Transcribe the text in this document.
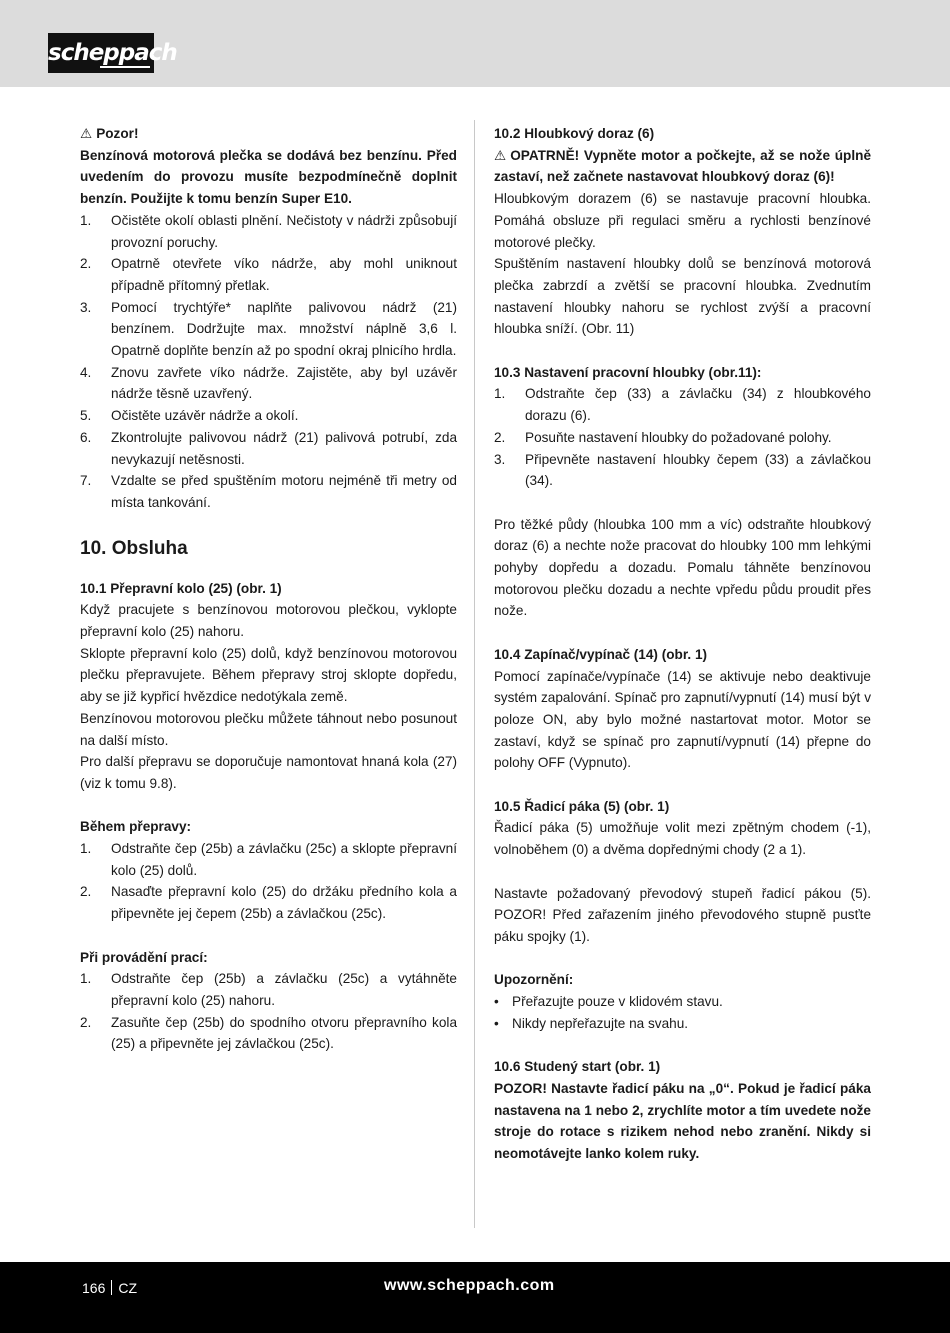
scheppach

⚠ Pozor!

Benzínová motorová plečka se dodává bez benzínu. Před uvedením do provozu musíte bezpodmínečně doplnit benzín. Použijte k tomu benzín Super E10.

1. Očistěte okolí oblasti plnění. Nečistoty v nádrži způsobují provozní poruchy.
2. Opatrně otevřete víko nádrže, aby mohl uniknout případně přítomný přetlak.
3. Pomocí trychtýře* naplňte palivovou nádrž (21) benzínem. Dodržujte max. množství náplně 3,6 l. Opatrně doplňte benzín až po spodní okraj plnicího hrdla.
4. Znovu zavřete víko nádrže. Zajistěte, aby byl uzávěr nádrže těsně uzavřený.
5. Očistěte uzávěr nádrže a okolí.
6. Zkontrolujte palivovou nádrž (21) palivová potrubí, zda nevykazují netěsnosti.
7. Vzdalte se před spuštěním motoru nejméně tři metry od místa tankování.

10. Obsluha

10.1 Přepravní kolo (25) (obr. 1)

Když pracujete s benzínovou motorovou plečkou, vyklopte přepravní kolo (25) nahoru.

Sklopte přepravní kolo (25) dolů, když benzínovou motorovou plečku přepravujete. Během přepravy stroj sklopte dopředu, aby se již kypřicí hvězdice nedotýkala země.

Benzínovou motorovou plečku můžete táhnout nebo posunout na další místo.

Pro další přepravu se doporučuje namontovat hnaná kola (27) (viz k tomu 9.8).

Během přepravy:

1. Odstraňte čep (25b) a závlačku (25c) a sklopte přepravní kolo (25) dolů.
2. Nasaďte přepravní kolo (25) do držáku předního kola a připevněte jej čepem (25b) a závlačkou (25c).

Při provádění prací:

1. Odstraňte čep (25b) a závlačku (25c) a vytáhněte přepravní kolo (25) nahoru.
2. Zasuňte čep (25b) do spodního otvoru přepravního kola (25) a připevněte jej závlačkou (25c).

10.2 Hloubkový doraz (6)

⚠ OPATRNĚ! Vypněte motor a počkejte, až se nože úplně zastaví, než začnete nastavovat hloubkový doraz (6)!

Hloubkovým dorazem (6) se nastavuje pracovní hloubka. Pomáhá obsluze při regulaci směru a rychlosti benzínové motorové plečky.

Spuštěním nastavení hloubky dolů se benzínová motorová plečka zabrzdí a zvětší se pracovní hloubka. Zvednutím nastavení hloubky nahoru se rychlost zvýší a pracovní hloubka sníží. (Obr. 11)

10.3 Nastavení pracovní hloubky (obr.11):

1. Odstraňte čep (33) a závlačku (34) z hloubkového dorazu (6).
2. Posuňte nastavení hloubky do požadované polohy.
3. Připevněte nastavení hloubky čepem (33) a závlačkou (34).

Pro těžké půdy (hloubka 100 mm a víc) odstraňte hloubkový doraz (6) a nechte nože pracovat do hloubky 100 mm lehkými pohyby dopředu a dozadu. Pomalu táhněte benzínovou motorovou plečku dozadu a nechte vpředu půdu proudit přes nože.

10.4 Zapínač/vypínač (14) (obr. 1)

Pomocí zapínače/vypínače (14) se aktivuje nebo deaktivuje systém zapalování. Spínač pro zapnutí/vypnutí (14) musí být v poloze ON, aby bylo možné nastartovat motor. Motor se zastaví, když se spínač pro zapnutí/vypnutí (14) přepne do polohy OFF (Vypnuto).

10.5 Řadicí páka (5) (obr. 1)

Řadicí páka (5) umožňuje volit mezi zpětným chodem (-1), volnoběhem (0) a dvěma dopřednými chody (2 a 1).

Nastavte požadovaný převodový stupeň řadicí pákou (5). POZOR! Před zařazením jiného převodového stupně pusťte páku spojky (1).

Upozornění:

• Přeřazujte pouze v klidovém stavu.
• Nikdy nepřeřazujte na svahu.

10.6 Studený start (obr. 1)

POZOR! Nastavte řadicí páku na „0“. Pokud je řadicí páka nastavena na 1 nebo 2, zrychlíte motor a tím uvedete nože stroje do rotace s rizikem nehod nebo zranění. Nikdy si neomotávejte lanko kolem ruky.

166 CZ	www.scheppach.com
